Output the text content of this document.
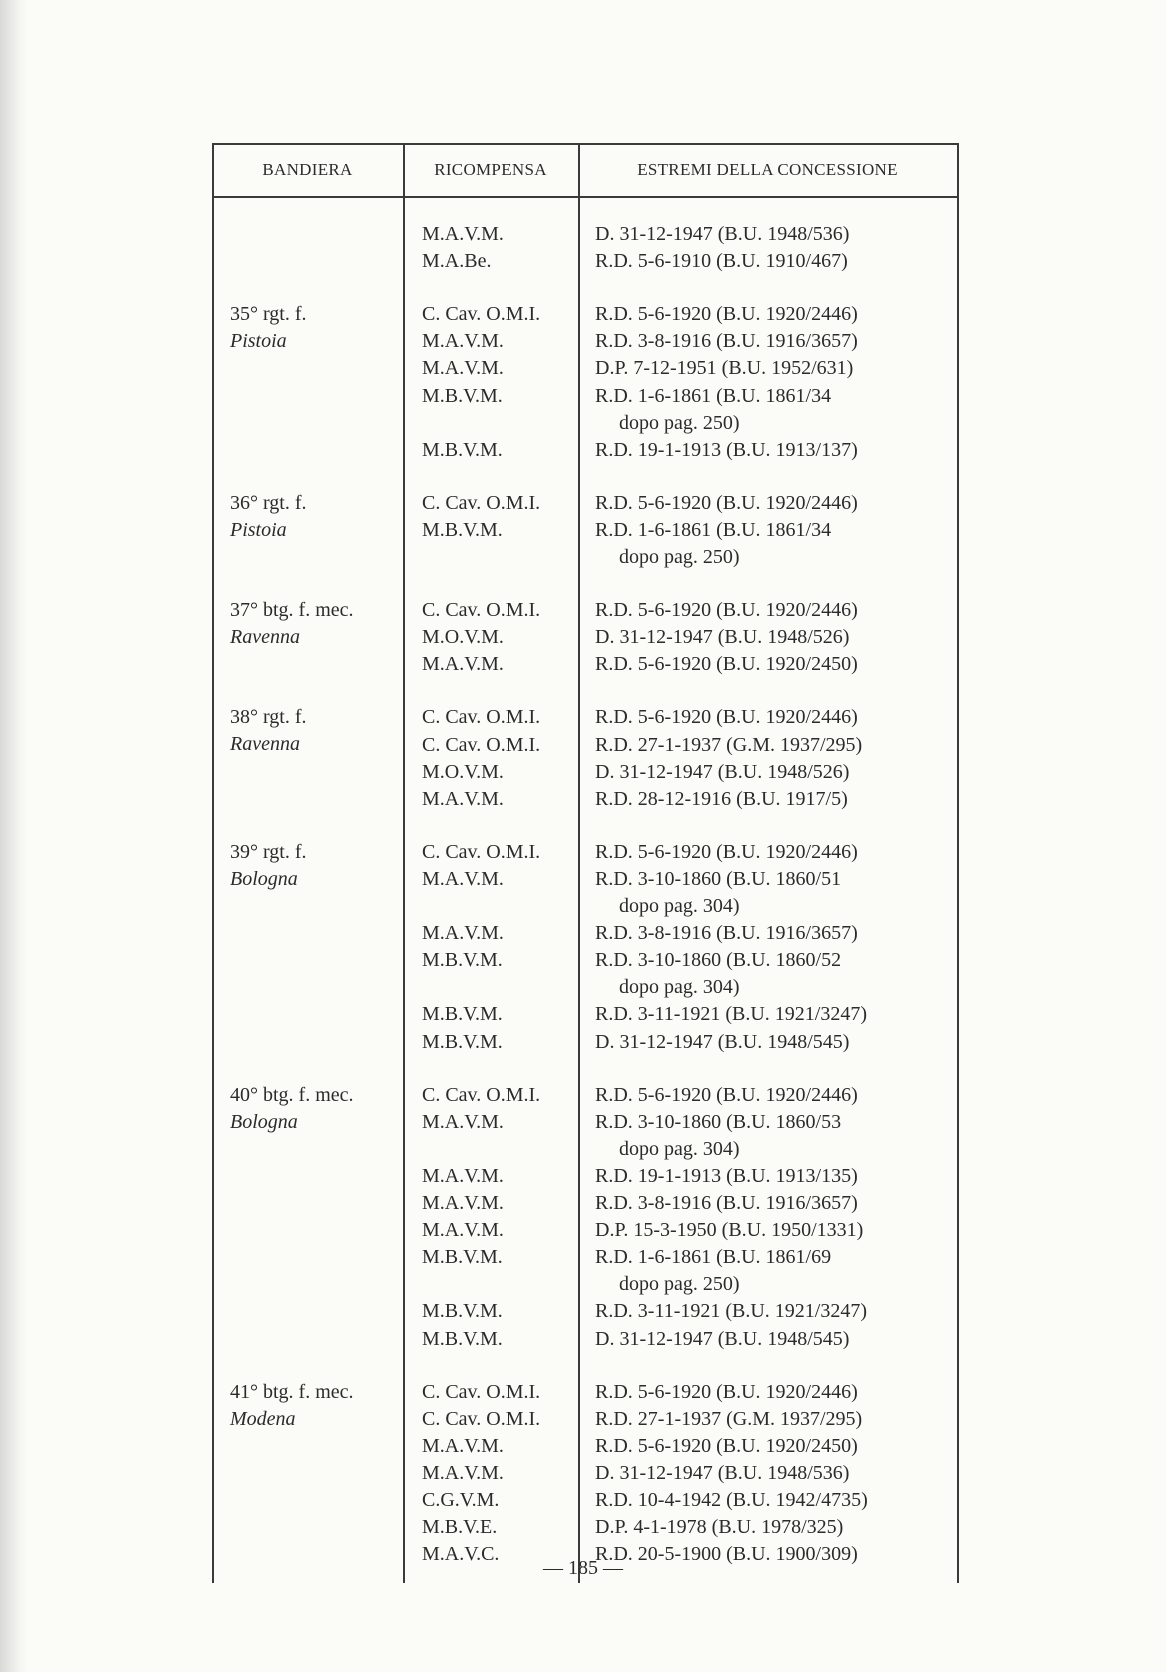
BANDIERA	RICOMPENSA	ESTREMI DELLA CONCESSIONE
M.A.V.M.	D. 31-12-1947 (B.U. 1948/536)
M.A.Be.	R.D. 5-6-1910 (B.U. 1910/467)
35° rgt. f.
Pistoia
C. Cav. O.M.I.	R.D. 5-6-1920 (B.U. 1920/2446)
M.A.V.M.	R.D. 3-8-1916 (B.U. 1916/3657)
M.A.V.M.	D.P. 7-12-1951 (B.U. 1952/631)
M.B.V.M.	R.D. 1-6-1861 (B.U. 1861/34
dopo pag. 250)
M.B.V.M.	R.D. 19-1-1913 (B.U. 1913/137)
36° rgt. f.
Pistoia
C. Cav. O.M.I.	R.D. 5-6-1920 (B.U. 1920/2446)
M.B.V.M.	R.D. 1-6-1861 (B.U. 1861/34
dopo pag. 250)
37° btg. f. mec.
Ravenna
C. Cav. O.M.I.	R.D. 5-6-1920 (B.U. 1920/2446)
M.O.V.M.	D. 31-12-1947 (B.U. 1948/526)
M.A.V.M.	R.D. 5-6-1920 (B.U. 1920/2450)
38° rgt. f.
Ravenna
C. Cav. O.M.I.	R.D. 5-6-1920 (B.U. 1920/2446)
C. Cav. O.M.I.	R.D. 27-1-1937 (G.M. 1937/295)
M.O.V.M.	D. 31-12-1947 (B.U. 1948/526)
M.A.V.M.	R.D. 28-12-1916 (B.U. 1917/5)
39° rgt. f.
Bologna
C. Cav. O.M.I.	R.D. 5-6-1920 (B.U. 1920/2446)
M.A.V.M.	R.D. 3-10-1860 (B.U. 1860/51
dopo pag. 304)
M.A.V.M.	R.D. 3-8-1916 (B.U. 1916/3657)
M.B.V.M.	R.D. 3-10-1860 (B.U. 1860/52
dopo pag. 304)
M.B.V.M.	R.D. 3-11-1921 (B.U. 1921/3247)
M.B.V.M.	D. 31-12-1947 (B.U. 1948/545)
40° btg. f. mec.
Bologna
C. Cav. O.M.I.	R.D. 5-6-1920 (B.U. 1920/2446)
M.A.V.M.	R.D. 3-10-1860 (B.U. 1860/53
dopo pag. 304)
M.A.V.M.	R.D. 19-1-1913 (B.U. 1913/135)
M.A.V.M.	R.D. 3-8-1916 (B.U. 1916/3657)
M.A.V.M.	D.P. 15-3-1950 (B.U. 1950/1331)
M.B.V.M.	R.D. 1-6-1861 (B.U. 1861/69
dopo pag. 250)
M.B.V.M.	R.D. 3-11-1921 (B.U. 1921/3247)
M.B.V.M.	D. 31-12-1947 (B.U. 1948/545)
41° btg. f. mec.
Modena
C. Cav. O.M.I.	R.D. 5-6-1920 (B.U. 1920/2446)
C. Cav. O.M.I.	R.D. 27-1-1937 (G.M. 1937/295)
M.A.V.M.	R.D. 5-6-1920 (B.U. 1920/2450)
M.A.V.M.	D. 31-12-1947 (B.U. 1948/536)
C.G.V.M.	R.D. 10-4-1942 (B.U. 1942/4735)
M.B.V.E.	D.P. 4-1-1978 (B.U. 1978/325)
M.A.V.C.	R.D. 20-5-1900 (B.U. 1900/309)
— 185 —
